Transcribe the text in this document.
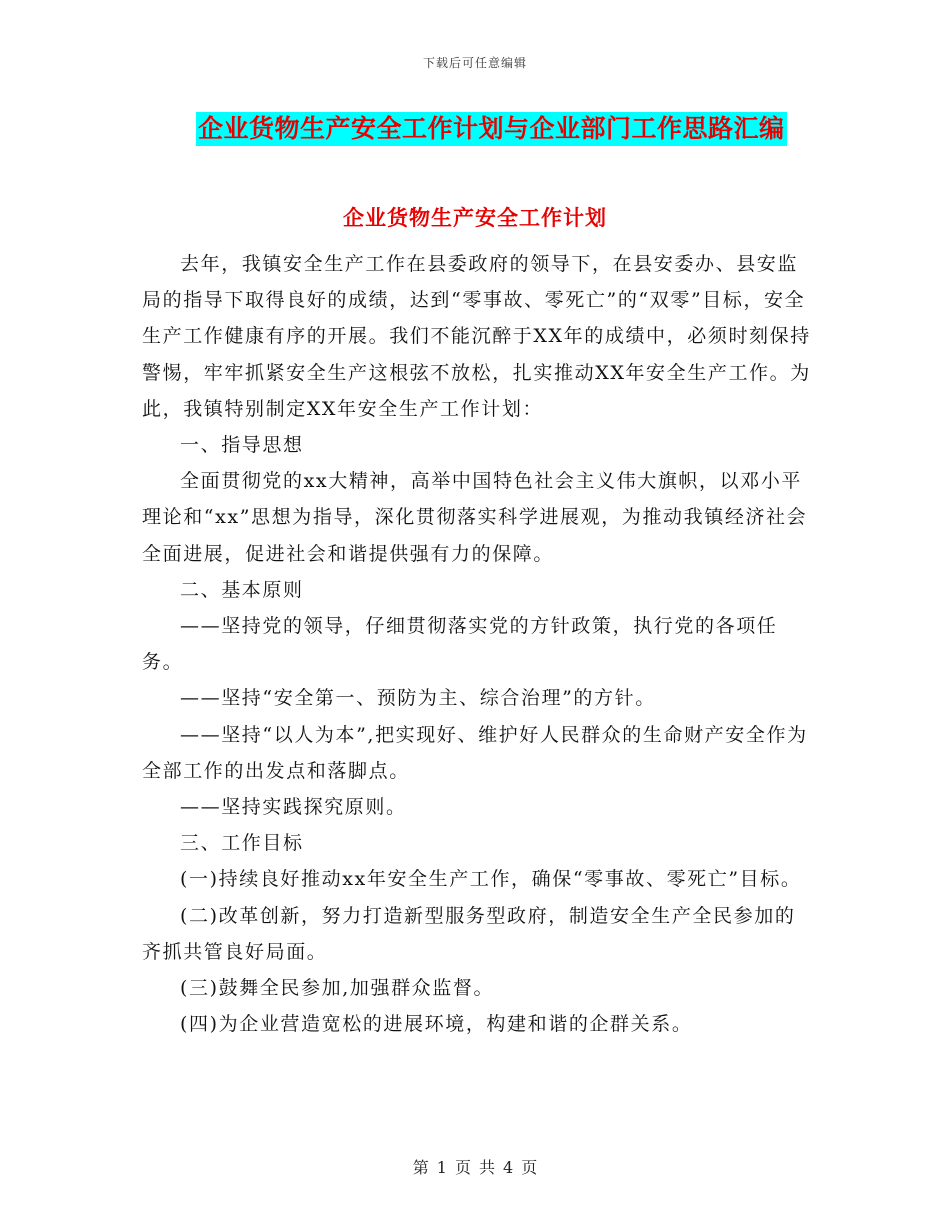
下载后可任意编辑
企业货物生产安全工作计划与企业部门工作思路汇编
企业货物生产安全工作计划

去年，我镇安全生产工作在县委政府的领导下，在县安委办、县安监局的指导下取得良好的成绩，达到“零事故、零死亡”的“双零”目标，安全生产工作健康有序的开展。我们不能沉醉于XX年的成绩中，必须时刻保持警惕，牢牢抓紧安全生产这根弦不放松，扎实推动XX年安全生产工作。为此，我镇特别制定XX年安全生产工作计划：

一、指导思想

全面贯彻党的xx大精神，高举中国特色社会主义伟大旗帜，以邓小平理论和“xx”思想为指导，深化贯彻落实科学进展观，为推动我镇经济社会全面进展，促进社会和谐提供强有力的保障。

二、基本原则

——坚持党的领导，仔细贯彻落实党的方针政策，执行党的各项任务。

——坚持“安全第一、预防为主、综合治理”的方针。

——坚持“以人为本”,把实现好、维护好人民群众的生命财产安全作为全部工作的出发点和落脚点。

——坚持实践探究原则。

三、工作目标

(一)持续良好推动xx年安全生产工作，确保“零事故、零死亡”目标。

(二)改革创新，努力打造新型服务型政府，制造安全生产全民参加的齐抓共管良好局面。

(三)鼓舞全民参加,加强群众监督。

(四)为企业营造宽松的进展环境，构建和谐的企群关系。

第 1 页 共 4 页
